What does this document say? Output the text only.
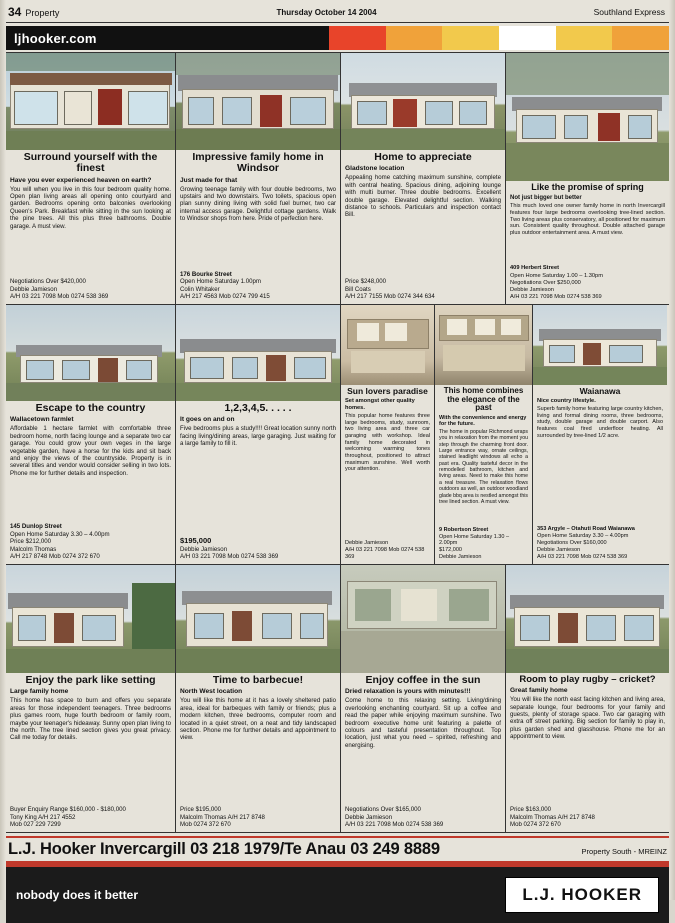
34 Property	Thursday October 14 2004	Southland Express
ljhooker.com
Surround yourself with the finest
Have you ever experienced heaven on earth?
You will when you live in this four bedroom quality home. Open plan living areas all opening onto courtyard and garden. Bedrooms opening onto balconies overlooking Queen's Park. Breakfast while sitting in the sun looking at the pine trees. All this plus three bathrooms. Double garage. A must view.
Negotiations Over $420,000
Debbie Jamieson
A/H 03 221 7098 Mob 0274 538 369
Impressive family home in Windsor
Just made for that
Growing teenage family with four double bedrooms, two upstairs and two downstairs. Two toilets, spacious open plan sunny dining living with solid fuel burner, two car internal access garage. Delightful cottage gardens. Walk to Windsor shops from here. Pride of perfection here.
176 Bourke Street
Open Home Saturday 1.00pm
Colin Whitaker
A/H 217 4563 Mob 0274 799 415
Home to appreciate
Gladstone location
Appealing home catching maximum sunshine, complete with central heating. Spacious dining, adjoining lounge with multi burner. Three double bedrooms. Excellent double garage. Elevated delightful section. Walking distance to schools. Particulars and inspection contact Bill.
Price $248,000
Bill Coats
A/H 217 7155 Mob 0274 344 634
Like the promise of spring
Not just bigger but better
This much loved one owner family home in north Invercargill features four large bedrooms overlooking tree-lined section. Two living areas plus conservatory, all positioned for maximum sun. Consistent quality throughout. Double attached garage plus outdoor entertainment area. A must view.
409 Herbert Street
Open Home Saturday 1.00 – 1.30pm
Negotiations Over $250,000
Debbie Jamieson
A/H 03 221 7098 Mob 0274 538 369
Escape to the country
Wallacetown farmlet
Affordable 1 hectare farmlet with comfortable three bedroom home, north facing lounge and a separate two car garage. You could grow your own veges in the large vegetable garden, have a horse for the kids and sit back and enjoy the views of the countryside. Property is in several titles and vendor would consider selling in two lots. Phone me for further details and inspection.
145 Dunlop Street
Open Home Saturday 3.30 – 4.00pm
Price $212,000
Malcolm Thomas
A/H 217 8748 Mob 0274 372 670
1,2,3,4,5. . . . .
It goes on and on
Five bedrooms plus a study!!!! Great location sunny north facing living/dining areas, large garaging. Just waiting for a large family to fill it.
$195,000
Debbie Jamieson
A/H 03 221 7098 Mob 0274 538 369
Sun lovers paradise
Set amongst other quality homes.
This popular home features three large bedrooms, study, sunroom, two living area and three car garaging with workshop. Ideal family home decorated in welcoming warming tones throughout, positioned to attract maximum sunshine. Well worth your attention.
Debbie Jamieson
A/H 03 221 7098 Mob 0274 538 369
This home combines the elegance of the past
With the convenience and energy for the future.
The home in popular Richmond wraps you in relaxation from the moment you step through the charming front door. Large entrance way, ornate ceilings, stained leadlight windows all echo a past era. Quality tasteful decor in the remodelled bathroom, kitchen and living areas. Need to make this home a real treasure. The relaxation flows outdoors as well, an outdoor woodland glade bbq area is nestled amongst this tree lined section. A must view.
9 Robertson Street
Open Home Saturday 1.30 – 2.00pm
$172,000
Debbie Jamieson
Waianawa
Nice country lifestyle.
Superb family home featuring large country kitchen, living and formal dining rooms, three bedrooms, study, double garage and double carport. Also features coal fired underfloor heating. All surrounded by tree-lined 1/2 acre.
353 Argyle – Otahuti Road Waianawa
Open Home Saturday 3.30 – 4.00pm
Negotiations Over $160,000
Debbie Jamieson
A/H 03 221 7098 Mob 0274 538 369
Enjoy the park like setting
Large family home
This home has space to burn and offers you separate areas for those independent teenagers. Three bedrooms plus games room, huge fourth bedroom or family room, maybe your teenager's hideaway. Sunny open plan living to the north. The tree lined section gives you great privacy. Call me today for details.
Buyer Enquiry Range $160,000 - $180,000
Tony King A/H 217 4552
Mob 027 229 7299
Time to barbecue!
North West location
You will like this home at it has a lovely sheltered patio area, ideal for barbeques with family or friends; plus a modern kitchen, three bedrooms, computer room and located in a quiet street, on a neat and tidy landscaped section. Phone me for further details and appointment to view.
Price $195,000
Malcolm Thomas A/H 217 8748
Mob 0274 372 670
Enjoy coffee in the sun
Dried relaxation is yours with minutes!!!
Come home to this relaxing setting. Living/dining overlooking enchanting courtyard. Sit up a coffee and read the paper while enjoying maximum sunshine. Two bedroom executive home unit featuring a palette of colours and tasteful presentation throughout. Top location, just what you need – spirited, refreshing and energising.
Negotiations Over $165,000
Debbie Jamieson
A/H 03 221 7098 Mob 0274 538 369
Room to play rugby – cricket?
Great family home
You will like the north east facing kitchen and living area, separate lounge, four bedrooms for your family and guests, plenty of storage space. Two car garaging with extra off street parking. Big section for family to play in, plus garden shed and glasshouse. Phone me for an appointment to view.
Price $163,000
Malcolm Thomas A/H 217 8748
Mob 0274 372 670
L.J. Hooker Invercargill 03 218 1979/Te Anau 03 249 8889	Property South - MREINZ
nobody does it better	L.J. HOOKER
